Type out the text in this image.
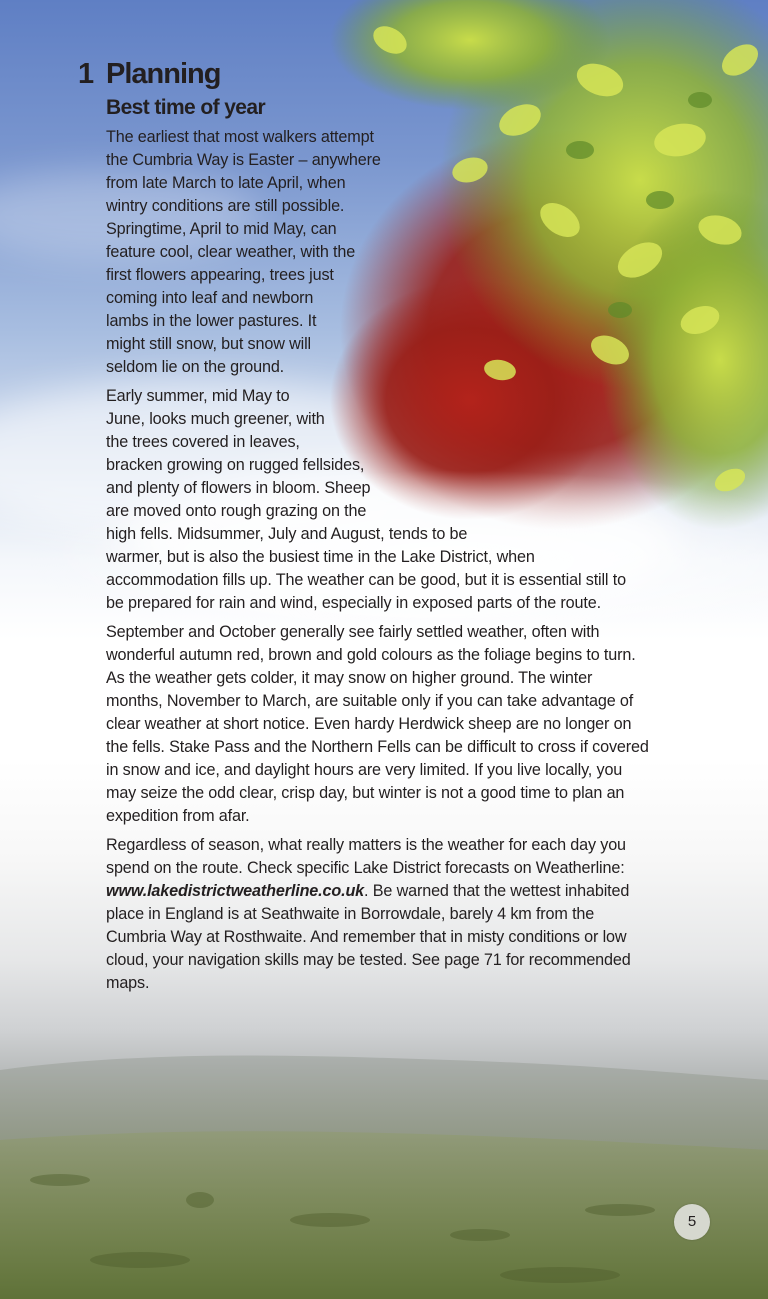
1 Planning
Best time of year

The earliest that most walkers attempt
the Cumbria Way is Easter – anywhere
from late March to late April, when
wintry conditions are still possible.
Springtime, April to mid May, can
feature cool, clear weather, with the
first flowers appearing, trees just
coming into leaf and newborn
lambs in the lower pastures. It
might still snow, but snow will
seldom lie on the ground.

Early summer, mid May to
June, looks much greener, with
the trees covered in leaves,
bracken growing on rugged fellsides,
and plenty of flowers in bloom. Sheep
are moved onto rough grazing on the
high fells. Midsummer, July and August, tends to be
warmer, but is also the busiest time in the Lake District, when
accommodation fills up. The weather can be good, but it is essential still to
be prepared for rain and wind, especially in exposed parts of the route.

September and October generally see fairly settled weather, often with
wonderful autumn red, brown and gold colours as the foliage begins to turn.
As the weather gets colder, it may snow on higher ground. The winter
months, November to March, are suitable only if you can take advantage of
clear weather at short notice. Even hardy Herdwick sheep are no longer on
the fells. Stake Pass and the Northern Fells can be difficult to cross if covered
in snow and ice, and daylight hours are very limited. If you live locally, you
may seize the odd clear, crisp day, but winter is not a good time to plan an
expedition from afar.

Regardless of season, what really matters is the weather for each day you
spend on the route. Check specific Lake District forecasts on Weatherline:
www.lakedistrictweatherline.co.uk. Be warned that the wettest inhabited
place in England is at Seathwaite in Borrowdale, barely 4 km from the
Cumbria Way at Rosthwaite. And remember that in misty conditions or low
cloud, your navigation skills may be tested. See page 71 for recommended
maps.

5
